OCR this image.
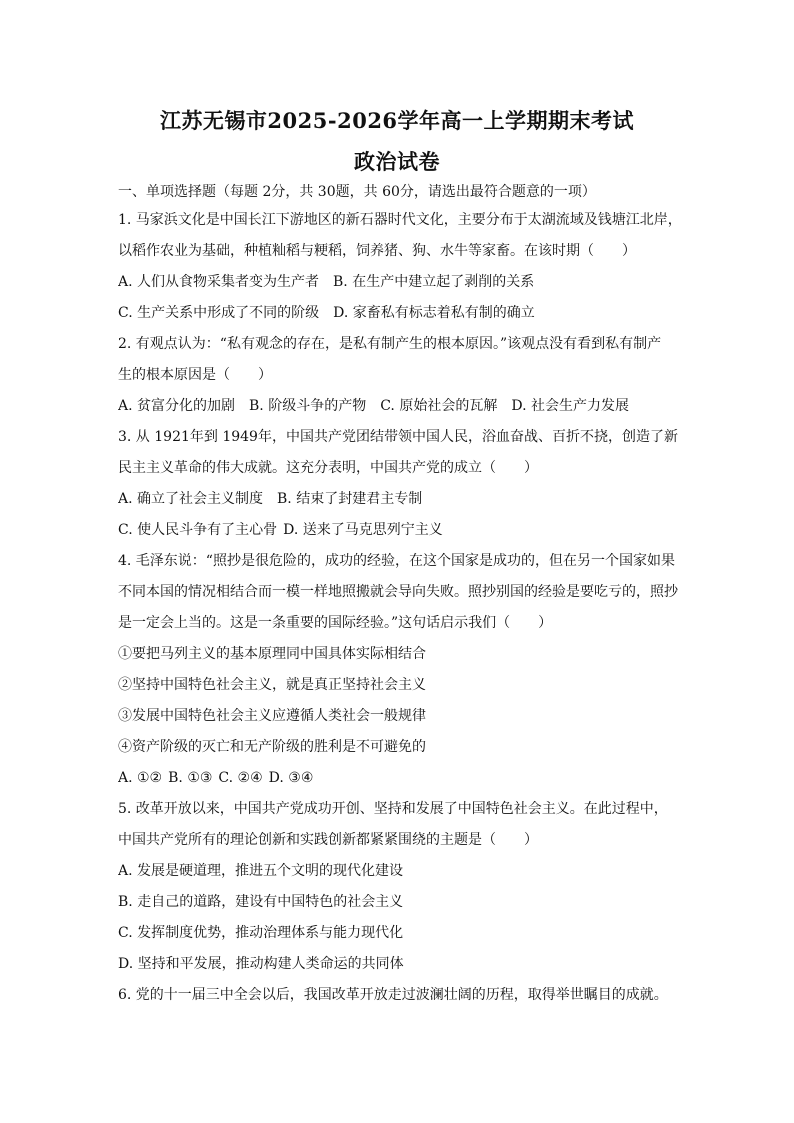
江苏无锡市2025-2026学年高一上学期期末考试
政治试卷
一、单项选择题（每题 2分，共 30题，共 60分，请选出最符合题意的一项）
1. 马家浜文化是中国长江下游地区的新石器时代文化，主要分布于太湖流域及钱塘江北岸，
以稻作农业为基础，种植籼稻与粳稻，饲养猪、狗、水牛等家畜。在该时期（　　）
A. 人们从食物采集者变为生产者 B. 在生产中建立起了剥削的关系
C. 生产关系中形成了不同的阶级 D. 家畜私有标志着私有制的确立
2. 有观点认为：“私有观念的存在，是私有制产生的根本原因。”该观点没有看到私有制产
生的根本原因是（　　）
A. 贫富分化的加剧 B. 阶级斗争的产物 C. 原始社会的瓦解 D. 社会生产力发展
3. 从 1921年到 1949年，中国共产党团结带领中国人民，浴血奋战、百折不挠，创造了新
民主主义革命的伟大成就。这充分表明，中国共产党的成立（　　）
A. 确立了社会主义制度 B. 结束了封建君主专制
C. 使人民斗争有了主心骨 D. 送来了马克思列宁主义
4. 毛泽东说：“照抄是很危险的，成功的经验，在这个国家是成功的，但在另一个国家如果
不同本国的情况相结合而一模一样地照搬就会导向失败。照抄别国的经验是要吃亏的，照抄
是一定会上当的。这是一条重要的国际经验。”这句话启示我们（　　）
①要把马列主义的基本原理同中国具体实际相结合
②坚持中国特色社会主义，就是真正坚持社会主义
③发展中国特色社会主义应遵循人类社会一般规律
④资产阶级的灭亡和无产阶级的胜利是不可避免的
A. ①② B. ①③ C. ②④ D. ③④
5. 改革开放以来，中国共产党成功开创、坚持和发展了中国特色社会主义。在此过程中，
中国共产党所有的理论创新和实践创新都紧紧围绕的主题是（　　）
A. 发展是硬道理，推进五个文明的现代化建设
B. 走自己的道路，建设有中国特色的社会主义
C. 发挥制度优势，推动治理体系与能力现代化
D. 坚持和平发展，推动构建人类命运的共同体
6. 党的十一届三中全会以后，我国改革开放走过波澜壮阔的历程，取得举世瞩目的成就。
